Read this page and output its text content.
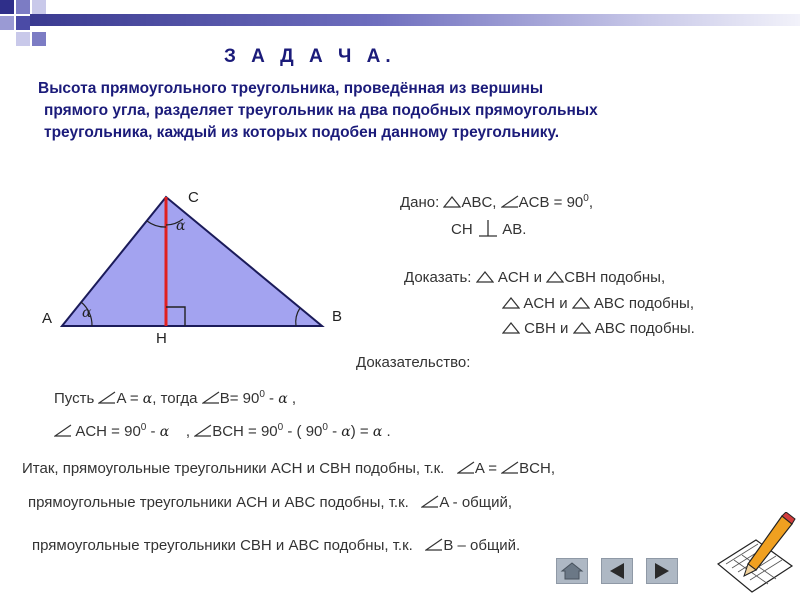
З А Д А Ч А.
Высота прямоугольного треугольника, проведённая из вершины
прямого угла, разделяет треугольник на два подобных прямоугольных
треугольника, каждый из которых подобен данному треугольнику.
α
α
C
A	B
H
Дано: ABC, ACB = $90^0$,
CH AB.
Доказать: ACH и CBH подобны,
ACH и ABC подобны,
CBH и ABC подобны.
Доказательство:
Пусть A = α, тогда $B= 90^0 - \alpha$ ,
ACH = $90^0$ - α , BCH = $90^0$ - ( $90^0 - \alpha) = \alpha$ .
Итак, прямоугольные треугольники ACH и CBH подобны, т.к. A = BCH,
прямоугольные треугольники ACH и ABC подобны, т.к. A - общий,
прямоугольные треугольники CBH и ABC подобны, т.к. B – общий.
